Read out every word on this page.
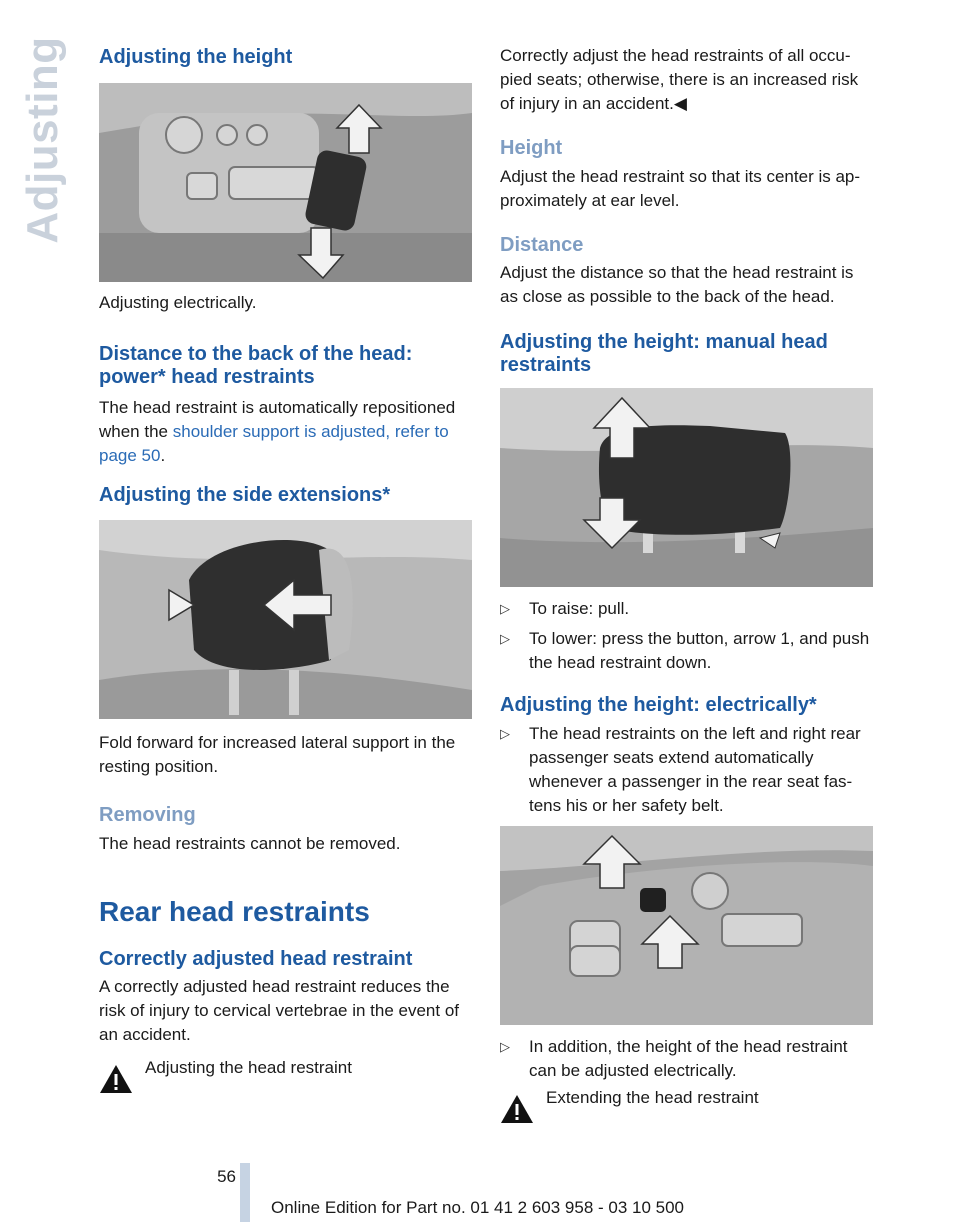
Adjusting Adjusting the height

Adjusting electrically.

Distance to the back of the head: power* head restraints

The head restraint is automatically repositioned when the shoulder support is adjusted, refer to page 50.

Adjusting the side extensions*

Fold forward for increased lateral support in the resting position.

Removing

The head restraints cannot be removed.

Rear head restraints
Correctly adjusted head restraint

A correctly adjusted head restraint reduces the risk of injury to cervical vertebrae in the event of an accident.

Adjusting the head restraint

Correctly adjust the head restraints of all occu-pied seats; otherwise, there is an increased risk of injury in an accident.◀

Height

Adjust the head restraint so that its center is ap-proximately at ear level.

Distance

Adjust the distance so that the head restraint is as close as possible to the back of the head.

Adjusting the height: manual head restraints
▷ To raise: pull.
▷ To lower: press the button, arrow 1, and push the head restraint down.
Adjusting the height: electrically*
▷ The head restraints on the left and right rear passenger seats extend automatically whenever a passenger in the rear seat fas-tens his or her safety belt.
▷ In addition, the height of the head restraint can be adjusted electrically.
Extending the head restraint
56
Online Edition for Part no. 01 41 2 603 958 - 03 10 500
